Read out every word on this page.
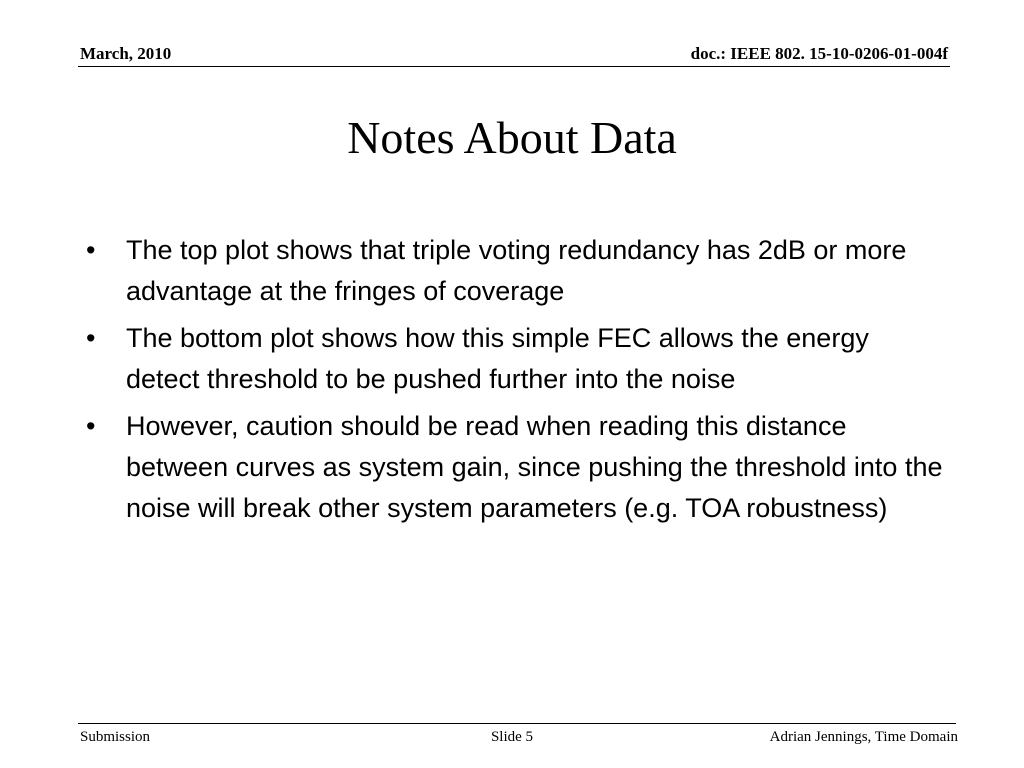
March, 2010	doc.: IEEE 802. 15-10-0206-01-004f
Notes About Data
• The top plot shows that triple voting redundancy has 2dB or more advantage at the fringes of coverage
• The bottom plot shows how this simple FEC allows the energy detect threshold to be pushed further into the noise
• However, caution should be read when reading this distance between curves as system gain, since pushing the threshold into the noise will break other system parameters (e.g. TOA robustness)
Submission	Slide 5	Adrian Jennings, Time Domain
